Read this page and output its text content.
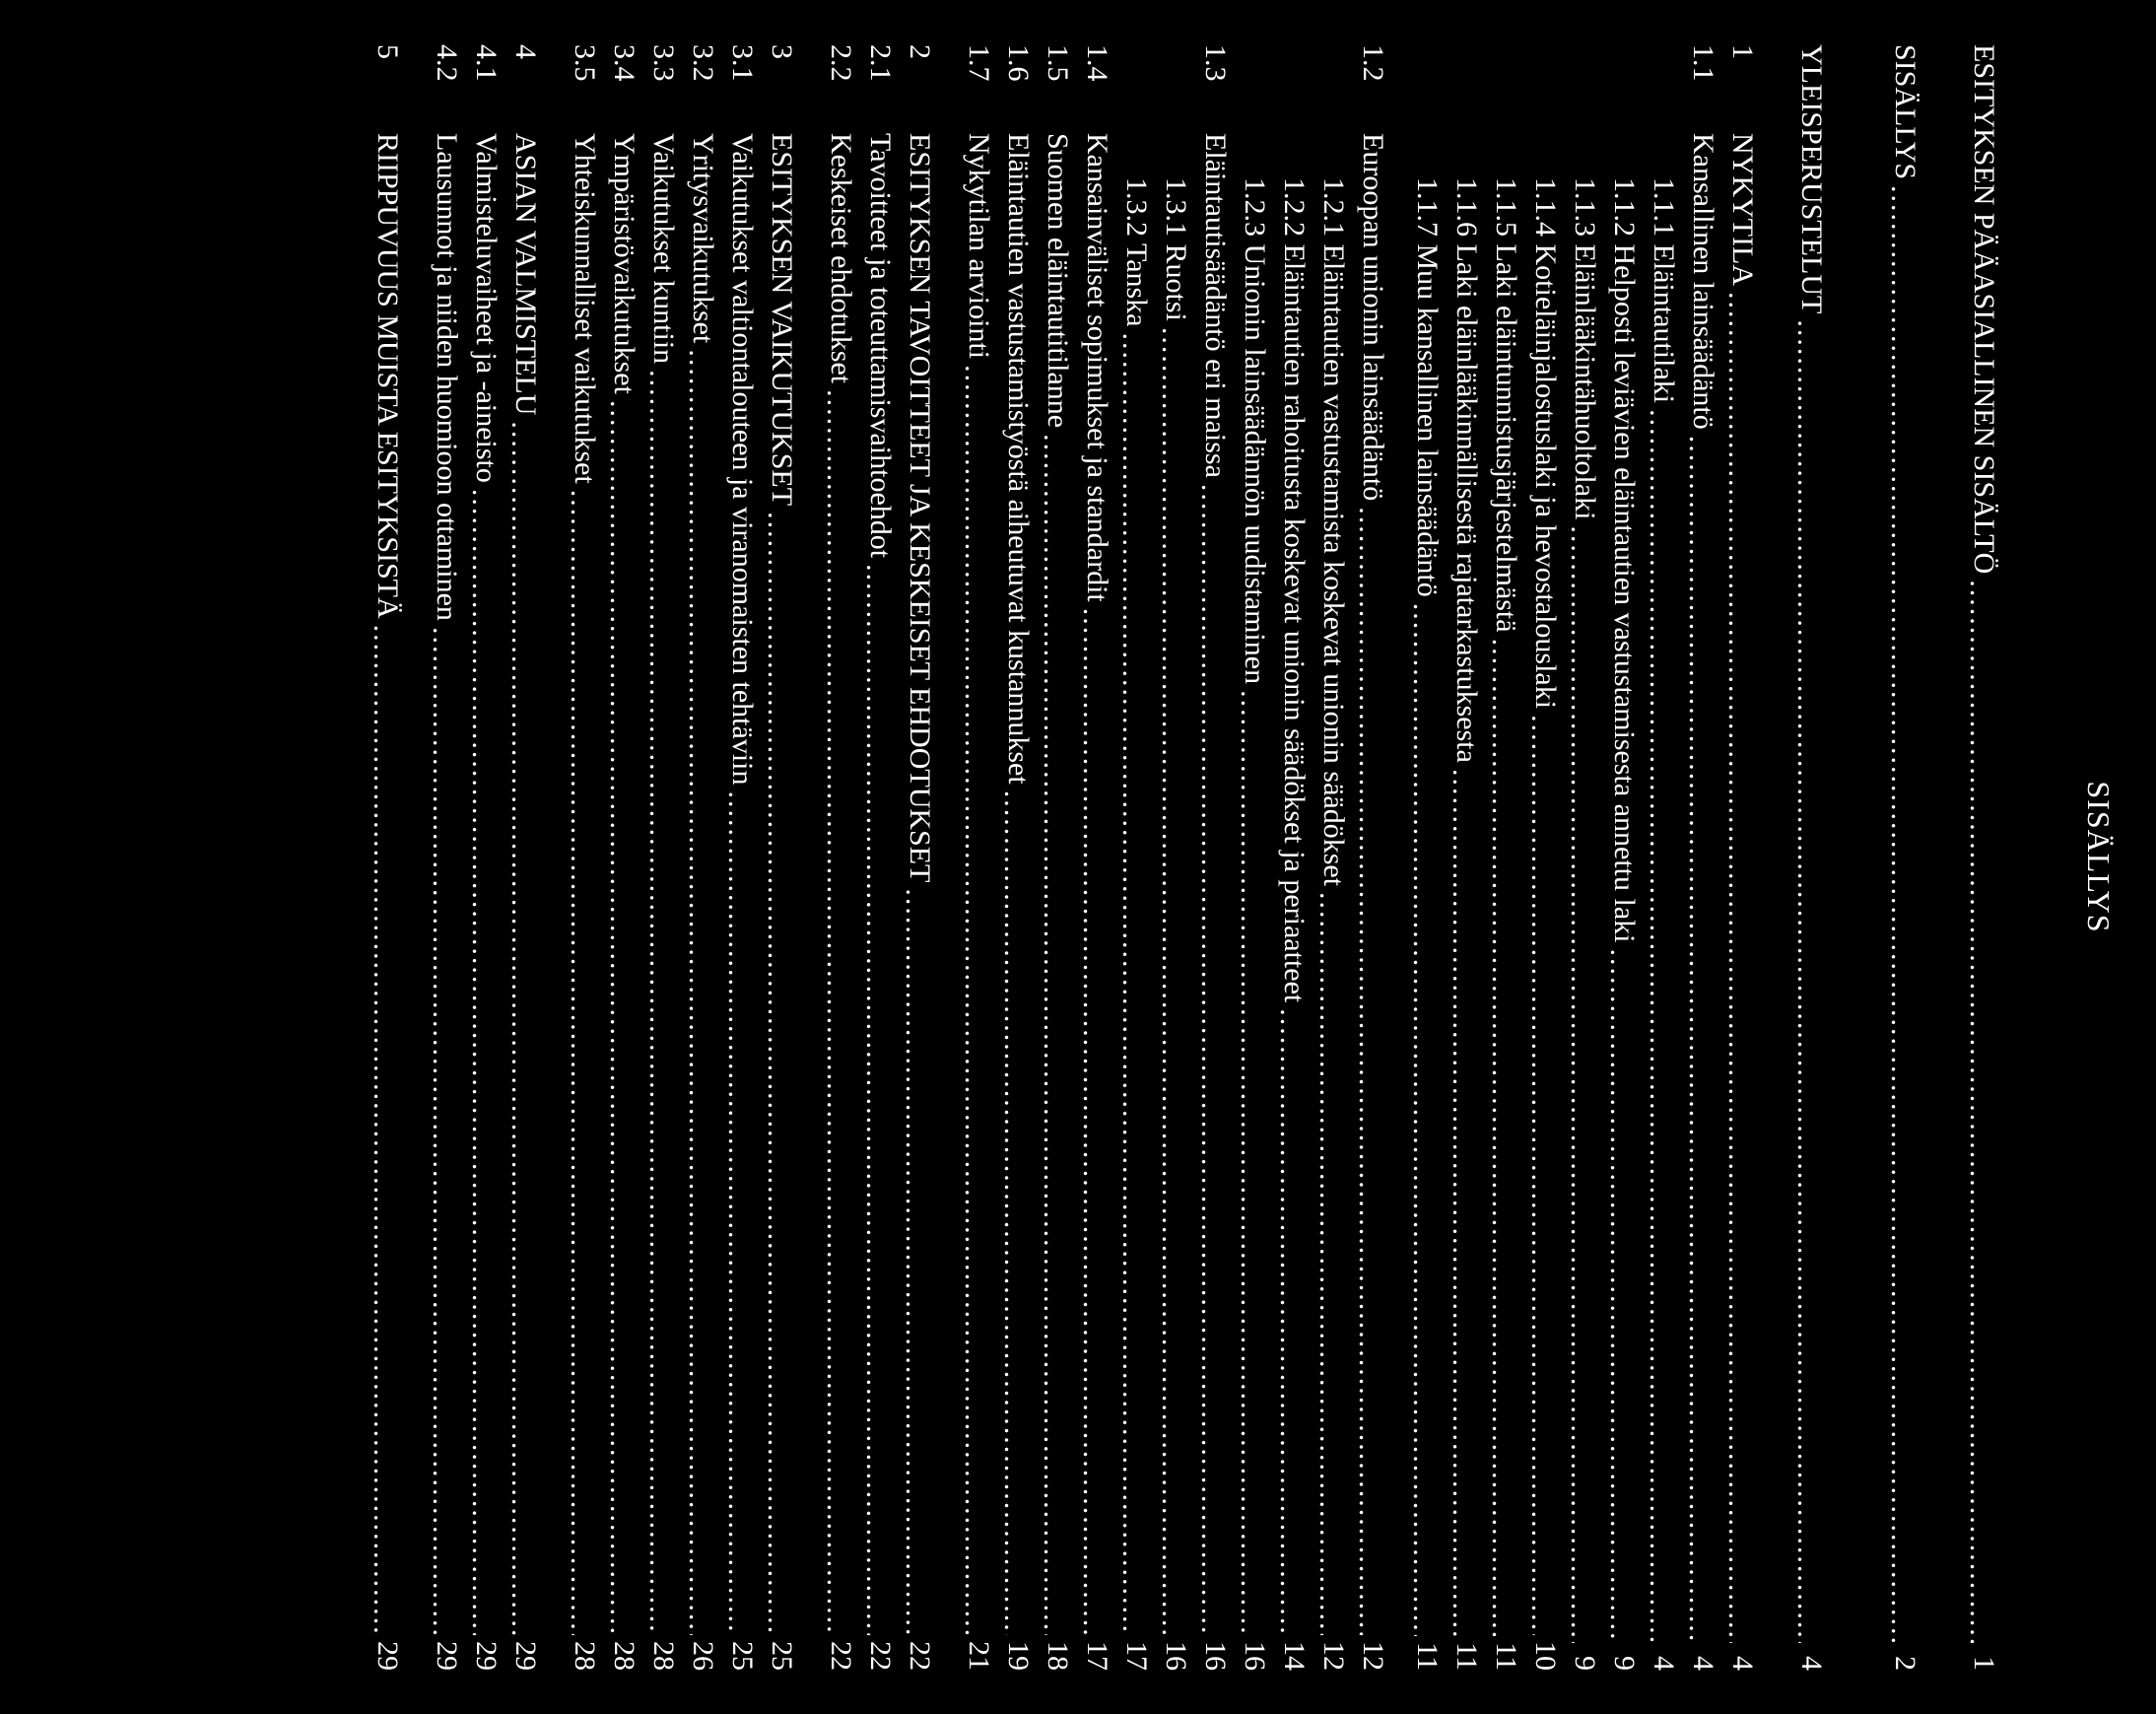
SISÄLLYS
ESITYKSEN PÄÄASIALLINEN SISÄLTÖ
.....
1
SISÄLLYS
.....
2
YLEISPERUSTELUT
.....
4
1
NYKYTILA
.....
4
1.1
Kansallinen lainsäädäntö
.....
4
1.1.1 Eläintautilaki
.....
4
1.1.2 Helposti leviävien eläintautien vastustamisesta annettu laki
.....
9
1.1.3 Eläinlääkintähuoltolaki
.....
9
1.1.4 Kotieläinjalostuslaki ja hevostalouslaki
.....
10
1.1.5 Laki eläintunnistusjärjestelmästä
.....
11
1.1.6 Laki eläinlääkinnällisestä rajatarkastuksesta
.....
11
1.1.7 Muu kansallinen lainsäädäntö
.....
11
1.2
Euroopan unionin lainsäädäntö
.....
12
1.2.1 Eläintautien vastustamista koskevat unionin säädökset
.....
12
1.2.2 Eläintautien rahoitusta koskevat unionin säädökset ja periaatteet
.....
14
1.2.3 Unionin lainsäädännön uudistaminen
.....
16
1.3
Eläintautisäädäntö eri maissa
.....
16
1.3.1 Ruotsi
.....
16
1.3.2 Tanska
.....
17
1.4
Kansainväliset sopimukset ja standardit
.....
17
1.5
Suomen eläintautitilanne
.....
18
1.6
Eläintautien vastustamistyöstä aiheutuvat kustannukset
.....
19
1.7
Nykytilan arviointi
.....
21
2
ESITYKSEN TAVOITTEET JA KESKEISET EHDOTUKSET
.....
22
2.1
Tavoitteet ja toteuttamisvaihtoehdot
.....
22
2.2
Keskeiset ehdotukset
.....
22
3
ESITYKSEN VAIKUTUKSET
.....
25
3.1
Vaikutukset valtiontalouteen ja viranomaisten tehtäviin
.....
25
3.2
Yritysvaikutukset
.....
26
3.3
Vaikutukset kuntiin
.....
28
3.4
Ympäristövaikutukset
.....
28
3.5
Yhteiskunnalliset vaikutukset
.....
28
4
ASIAN VALMISTELU
.....
29
4.1
Valmisteluvaiheet ja -aineisto
.....
29
4.2
Lausunnot ja niiden huomioon ottaminen
.....
29
5
RIIPPUVUUS MUISTA ESITYKSISTÄ
.....
29
